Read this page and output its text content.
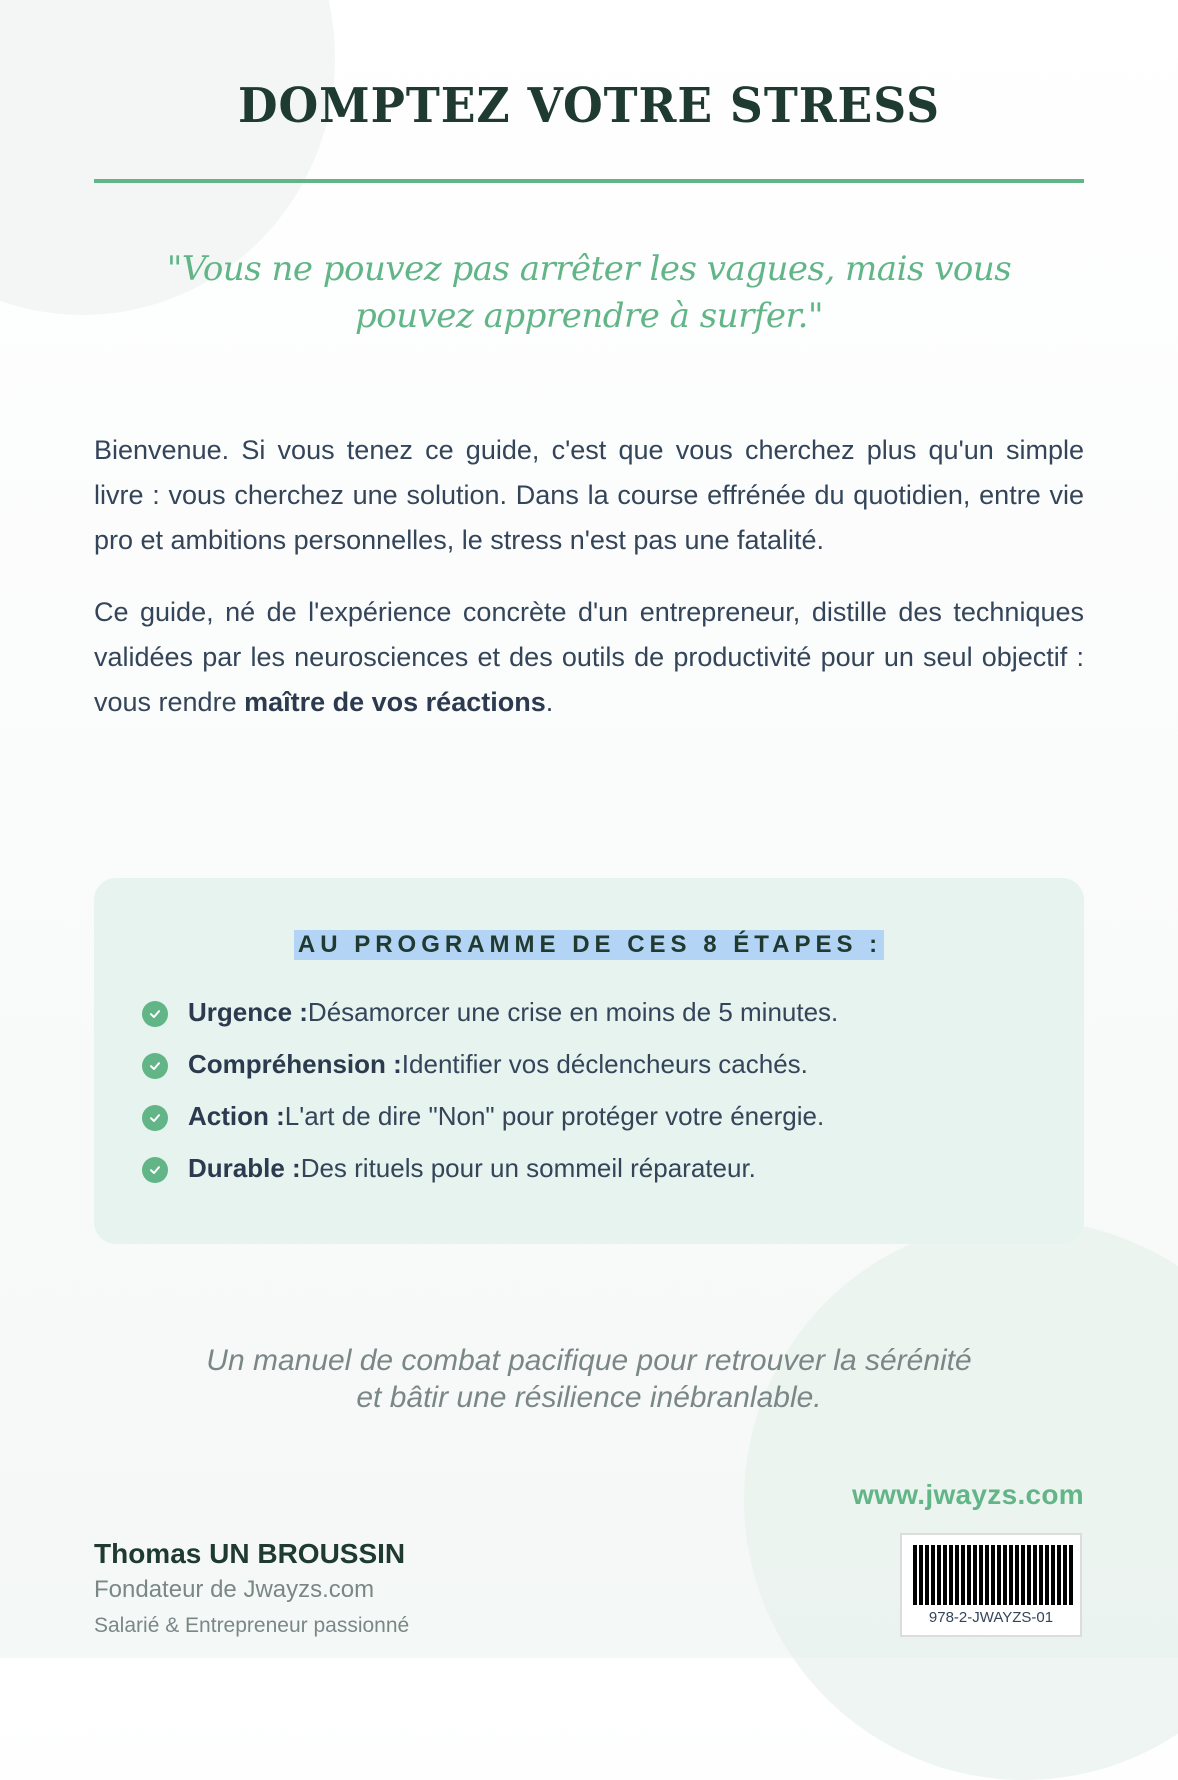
DOMPTEZ VOTRE STRESS

"Vous ne pouvez pas arrêter les vagues, mais vous pouvez apprendre à surfer."

Bienvenue. Si vous tenez ce guide, c'est que vous cherchez plus qu'un simple livre : vous cherchez une solution. Dans la course effrénée du quotidien, entre vie pro et ambitions personnelles, le stress n'est pas une fatalité.

Ce guide, né de l'expérience concrète d'un entrepreneur, distille des techniques validées par les neurosciences et des outils de productivité pour un seul objectif : vous rendre maître de vos réactions.

AU PROGRAMME DE CES 8 ÉTAPES :
Urgence : Désamorcer une crise en moins de 5 minutes.
Compréhension : Identifier vos déclencheurs cachés.
Action : L'art de dire "Non" pour protéger votre énergie.
Durable : Des rituels pour un sommeil réparateur.

Un manuel de combat pacifique pour retrouver la sérénité
et bâtir une résilience inébranlable.

www.jwayzs.com
Thomas UN BROUSSIN
Fondateur de Jwayzs.com
Salarié & Entrepreneur passionné	978-2-JWAYZS-01
